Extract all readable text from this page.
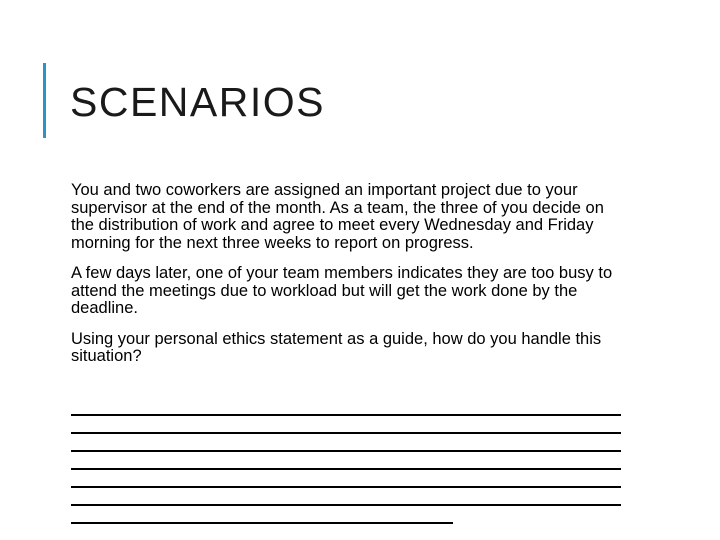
SCENARIOS

You and two coworkers are assigned an important project due to your supervisor at the end of the month. As a team, the three of you decide on the distribution of work and agree to meet every Wednesday and Friday morning for the next three weeks to report on progress.

A few days later, one of your team members indicates they are too busy to attend the meetings due to workload but will get the work done by the deadline.

Using your personal ethics statement as a guide, how do you handle this situation?
